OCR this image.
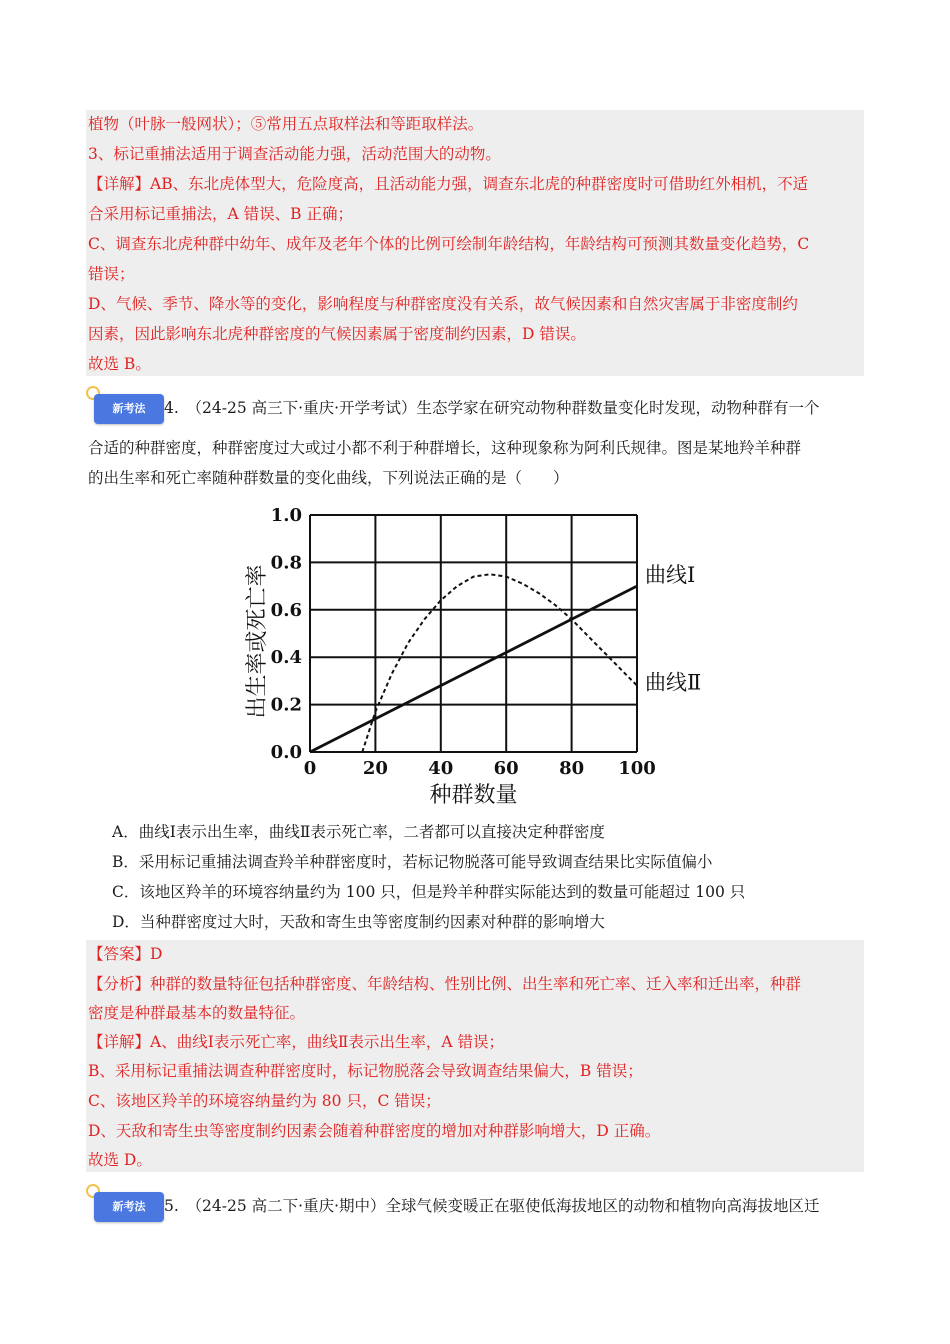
植物（叶脉一般网状）；⑤常用五点取样法和等距取样法。
3、标记重捕法适用于调查活动能力强，活动范围大的动物。
【详解】AB、东北虎体型大，危险度高，且活动能力强，调查东北虎的种群密度时可借助红外相机，不适
合采用标记重捕法，A 错误、B 正确；
C、调查东北虎种群中幼年、成年及老年个体的比例可绘制年龄结构，年龄结构可预测其数量变化趋势，C
错误；
D、气候、季节、降水等的变化，影响程度与种群密度没有关系，故气候因素和自然灾害属于非密度制约
因素，因此影响东北虎种群密度的气候因素属于密度制约因素，D 错误。
故选 B。
新考法	4.　（24-25 高三下·重庆·开学考试）生态学家在研究动物种群数量变化时发现，动物种群有一个
合适的种群密度，种群密度过大或过小都不利于种群增长，这种现象称为阿利氏规律。图是某地羚羊种群
的出生率和死亡率随种群数量的变化曲线，下列说法正确的是（　　）
0	20 40 60 80 100
0.0
0.2
0.4
0.6
0.8
1.0
曲线Ⅰ
曲线Ⅱ
种群数量
出生率或死亡率
A．曲线Ⅰ表示出生率，曲线Ⅱ表示死亡率，二者都可以直接决定种群密度
B．采用标记重捕法调查羚羊种群密度时，若标记物脱落可能导致调查结果比实际值偏小
C．该地区羚羊的环境容纳量约为 100 只，但是羚羊种群实际能达到的数量可能超过 100 只
D．当种群密度过大时，天敌和寄生虫等密度制约因素对种群的影响增大
【答案】D
【分析】种群的数量特征包括种群密度、年龄结构、性别比例、出生率和死亡率、迁入率和迁出率，种群
密度是种群最基本的数量特征。
【详解】A、曲线Ⅰ表示死亡率，曲线Ⅱ表示出生率，A 错误；
B、采用标记重捕法调查种群密度时，标记物脱落会导致调查结果偏大，B 错误；
C、该地区羚羊的环境容纳量约为 80 只，C 错误；
D、天敌和寄生虫等密度制约因素会随着种群密度的增加对种群影响增大，D 正确。
故选 D。
新考法	5.　（24-25 高二下·重庆·期中）全球气候变暖正在驱使低海拔地区的动物和植物向高海拔地区迁
